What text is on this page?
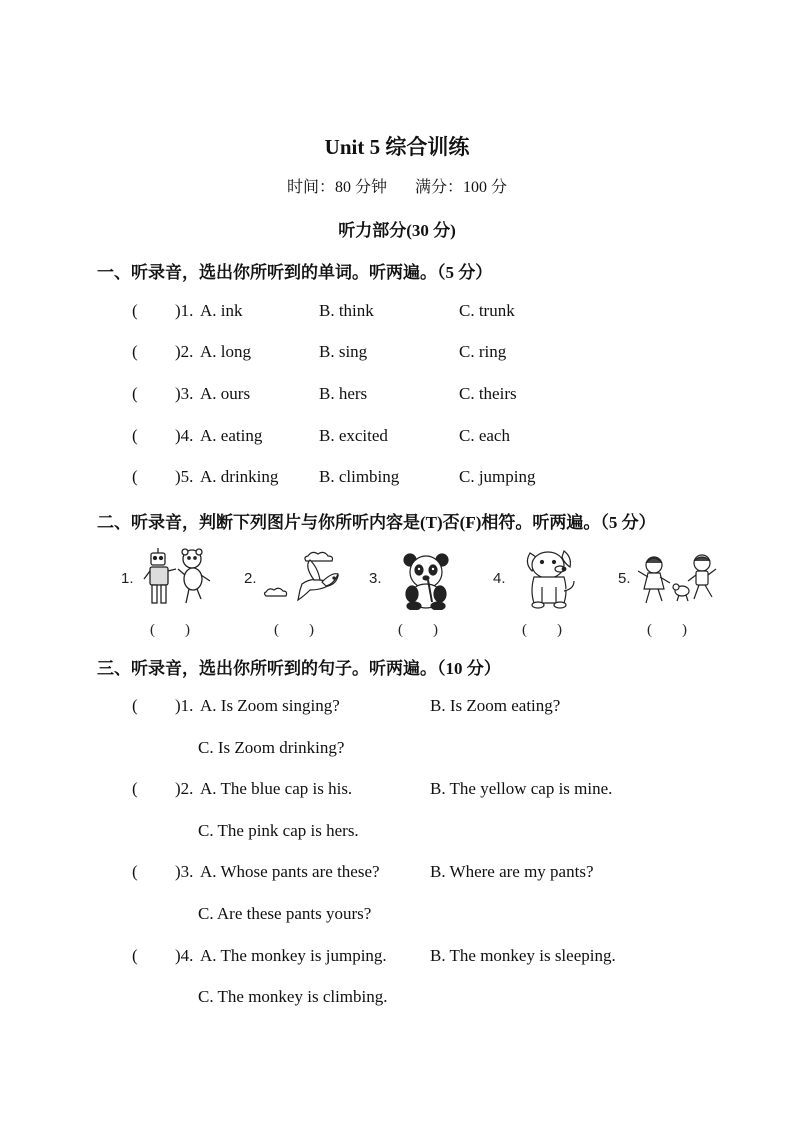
Unit 5 综合训练
时间：80 分钟 满分：100 分
听力部分(30 分)
一、听录音，选出你所听到的单词。听两遍。（5 分）
( )1. A. ink	B. think	C. trunk
( )2. A. long	B. sing	C. ring
( )3. A. ours	B. hers	C. theirs
( )4. A. eating	B. excited	C. each
( )5. A. drinking B. climbing	C. jumping
二、听录音，判断下列图片与你所听内容是(T)否(F)相符。听两遍。（5 分）
1.
(　　)
2.
(　　)
3.
(　　)
4.
(　　)
5.
(　　)
三、听录音，选出你所听到的句子。听两遍。（10 分）
( )1. A. Is Zoom singing?	B. Is Zoom eating?
C. Is Zoom drinking?
( )2. A. The blue cap is his.	B. The yellow cap is mine.
C. The pink cap is hers.
( )3. A. Whose pants are these?	B. Where are my pants?
C. Are these pants yours?
( )4. A. The monkey is jumping.	B. The monkey is sleeping.
C. The monkey is climbing.
